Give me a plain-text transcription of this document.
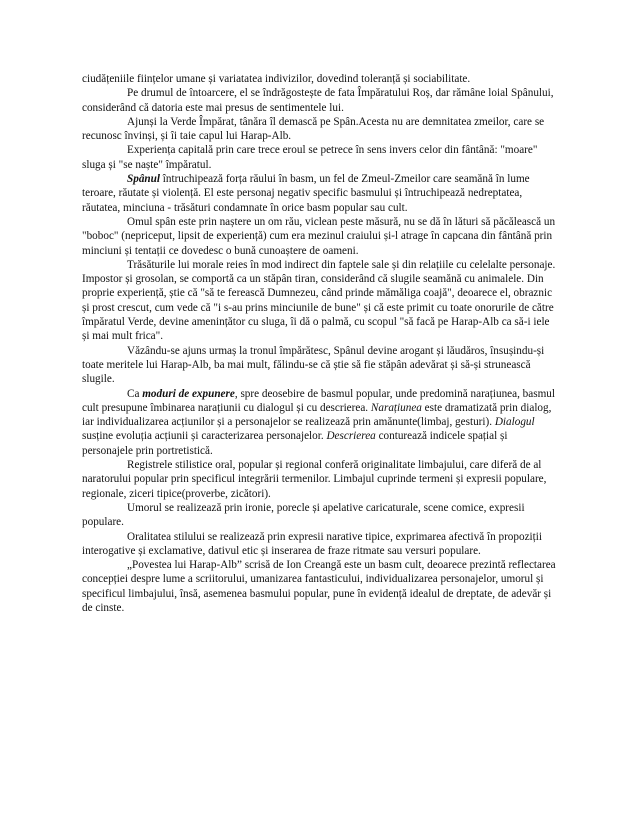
ciudățeniile ființelor umane și variatatea indivizilor, dovedind toleranță și sociabilitate.

Pe drumul de întoarcere, el se îndrăgostește de fata Împăratului Roș, dar rămâne loial Spânului, considerând că datoria este mai presus de sentimentele lui.

Ajunși la Verde Împărat, tânăra îl demască pe Spân.Acesta nu are demnitatea zmeilor, care se recunosc învinși, și îi taie capul lui Harap-Alb.

Experiența capitală prin care trece eroul se petrece în sens invers celor din fântână: "moare" sluga și "se naște" împăratul.

Spânul întruchipează forța răului în basm, un fel de Zmeul-Zmeilor care seamănă în lume teroare, răutate și violență. El este personaj negativ specific basmului și întruchipează nedreptatea, răutatea, minciuna - trăsături condamnate în orice basm popular sau cult.

Omul spân este prin naștere un om rău, viclean peste măsură, nu se dă în lături să păcălească un "boboc" (nepriceput, lipsit de experiență) cum era mezinul craiului și-l atrage în capcana din fântână prin minciuni și tentații ce dovedesc o bună cunoaștere de oameni.

Trăsăturile lui morale reies în mod indirect din faptele sale și din relațiile cu celelalte personaje. Impostor și grosolan, se comportă ca un stăpân tiran, considerând că slugile seamănă cu animalele. Din proprie experiență, știe că "să te ferească Dumnezeu, când prinde mămăliga coajă", deoarece el, obraznic și prost crescut, cum vede că "i s-au prins minciunile de bune" și că este primit cu toate onorurile de către împăratul Verde, devine amenințător cu sluga, îi dă o palmă, cu scopul "să facă pe Harap-Alb ca să-i iele și mai mult frica".

Văzându-se ajuns urmaș la tronul împărătesc, Spânul devine arogant și lăudăros, însușindu-și toate meritele lui Harap-Alb, ba mai mult, fălindu-se că știe să fie stăpân adevărat și să-și strunească slugile.

Ca moduri de expunere, spre deosebire de basmul popular, unde predomină narațiunea, basmul cult presupune îmbinarea narațiunii cu dialogul și cu descrierea. Narațiunea este dramatizată prin dialog, iar individualizarea acțiunilor și a personajelor se realizează prin amănunte(limbaj, gesturi). Dialogul susține evoluția acțiunii și caracterizarea personajelor. Descrierea conturează indicele spațial și personajele prin portretistică.

Registrele stilistice oral, popular și regional conferă originalitate limbajului, care diferă de al naratorului popular prin specificul integrării termenilor. Limbajul cuprinde termeni și expresii populare, regionale, ziceri tipice(proverbe, zicători).

Umorul se realizează prin ironie, porecle și apelative caricaturale, scene comice, expresii populare.

Oralitatea stilului se realizează prin expresii narative tipice, exprimarea afectivă în propoziții interogative și exclamative, dativul etic și inserarea de fraze ritmate sau versuri populare.

„Povestea lui Harap-Alb” scrisă de Ion Creangă este un basm cult, deoarece prezintă reflectarea concepției despre lume a scriitorului, umanizarea fantasticului, individualizarea personajelor, umorul și specificul limbajului, însă, asemenea basmului popular, pune în evidență idealul de dreptate, de adevăr și de cinste.
